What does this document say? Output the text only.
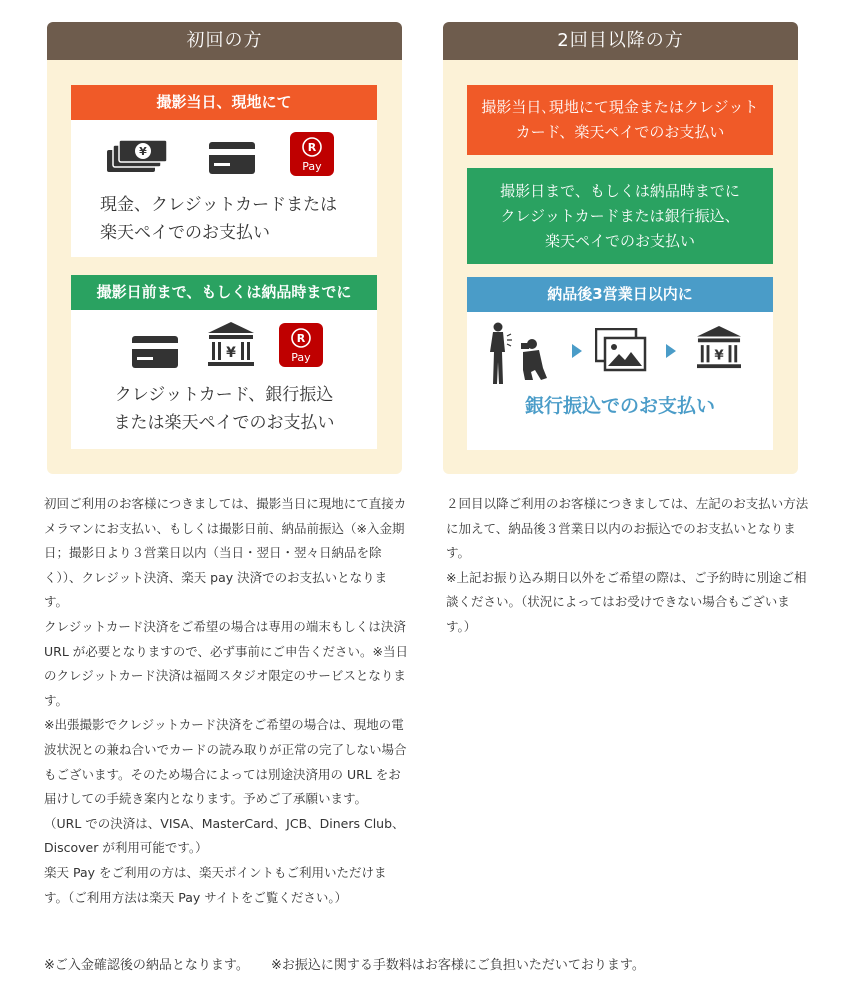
初回の方
撮影当日、現地にて
¥	R
Pay

現金、クレジットカードまたは
楽天ペイでのお支払い

撮影日前まで、もしくは納品時までに
¥
R
Pay

クレジットカード、銀行振込
または楽天ペイでのお支払い

2回目以降の方

撮影当日､現地にて現金またはクレジット
カード、楽天ペイでのお支払い

撮影日まで、もしくは納品時までに
クレジットカードまたは銀行振込、
楽天ペイでのお支払い

納品後3営業日以内に
¥
銀行振込でのお支払い

初回ご利用のお客様につきましては、撮影当日に現地にて直接カメラマンにお支払い、もしくは撮影日前、納品前振込（※入金期日；撮影日より３営業日以内（当日・翌日・翌々日納品を除く））、クレジット決済、楽天 pay 決済でのお支払いとなります。
クレジットカード決済をご希望の場合は専用の端末もしくは決済 URL が必要となりますので、必ず事前にご申告ください。※当日のクレジットカード決済は福岡スタジオ限定のサービスとなります。
※出張撮影でクレジットカード決済をご希望の場合は、現地の電波状況との兼ね合いでカードの読み取りが正常の完了しない場合もございます。そのため場合によっては別途決済用の URL をお届けしての手続き案内となります。予めご了承願います。
（URL での決済は、VISA、MasterCard、JCB、Diners Club、Discover が利用可能です。）
楽天 Pay をご利用の方は、楽天ポイントもご利用いただけます。（ご利用方法は楽天 Pay サイトをご覧ください。）

２回目以降ご利用のお客様につきましては、左記のお支払い方法に加えて、納品後３営業日以内のお振込でのお支払いとなります。
※上記お振り込み期日以外をご希望の際は、ご予約時に別途ご相談ください。（状況によってはお受けできない場合もございます。）

※ご入金確認後の納品となります。 ※お振込に関する手数料はお客様にご負担いただいております。
